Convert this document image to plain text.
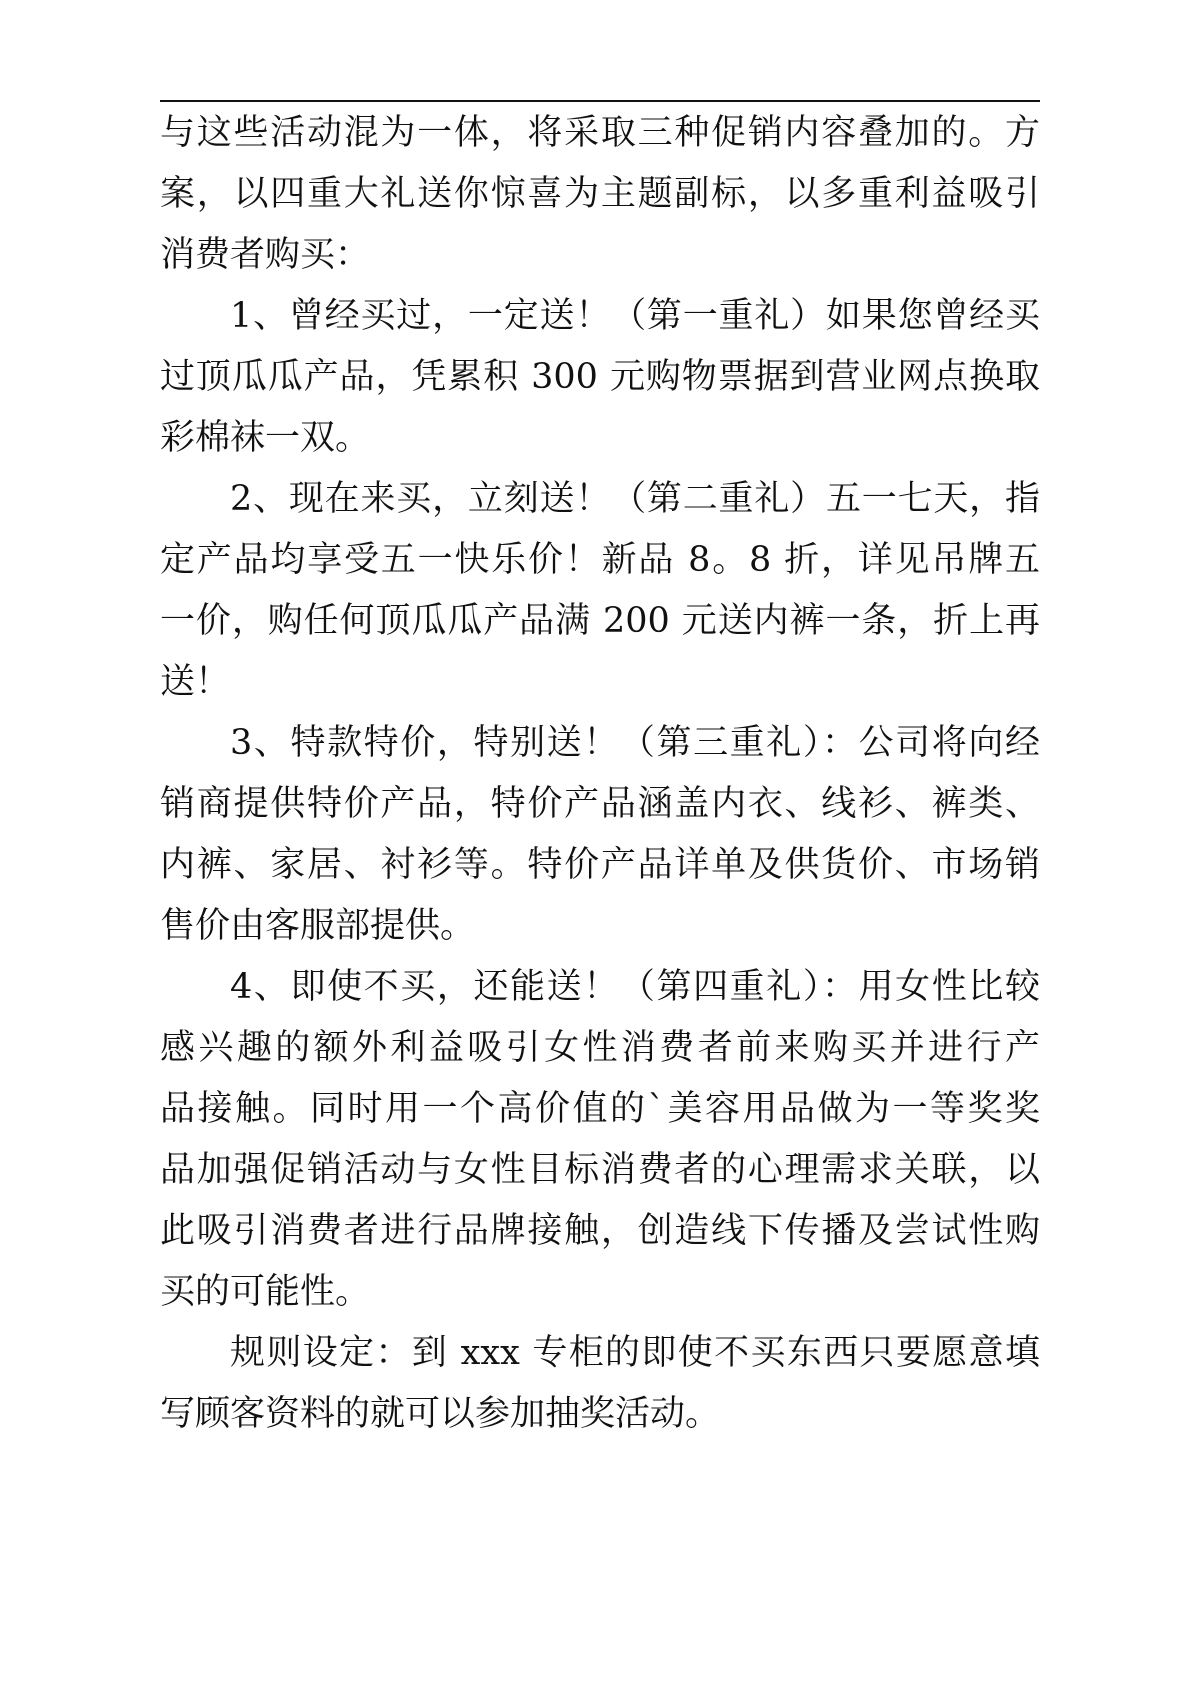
与这些活动混为一体，将采取三种促销内容叠加的。方
案，以四重大礼送你惊喜为主题副标，以多重利益吸引
消费者购买：
1、曾经买过，一定送！（第一重礼）如果您曾经买
过顶瓜瓜产品，凭累积 300 元购物票据到营业网点换取
彩棉袜一双。
2、现在来买，立刻送！（第二重礼）五一七天，指
定产品均享受五一快乐价！新品 8。8 折，详见吊牌五
一价，购任何顶瓜瓜产品满 200 元送内裤一条，折上再
送！
3、特款特价，特别送！（第三重礼）：公司将向经
销商提供特价产品，特价产品涵盖内衣、线衫、裤类、
内裤、家居、衬衫等。特价产品详单及供货价、市场销
售价由客服部提供。
4、即使不买，还能送！（第四重礼）：用女性比较
感兴趣的额外利益吸引女性消费者前来购买并进行产
品接触。同时用一个高价值的`美容用品做为一等奖奖
品加强促销活动与女性目标消费者的心理需求关联，以
此吸引消费者进行品牌接触，创造线下传播及尝试性购
买的可能性。
规则设定：到 xxx 专柜的即使不买东西只要愿意填
写顾客资料的就可以参加抽奖活动。
